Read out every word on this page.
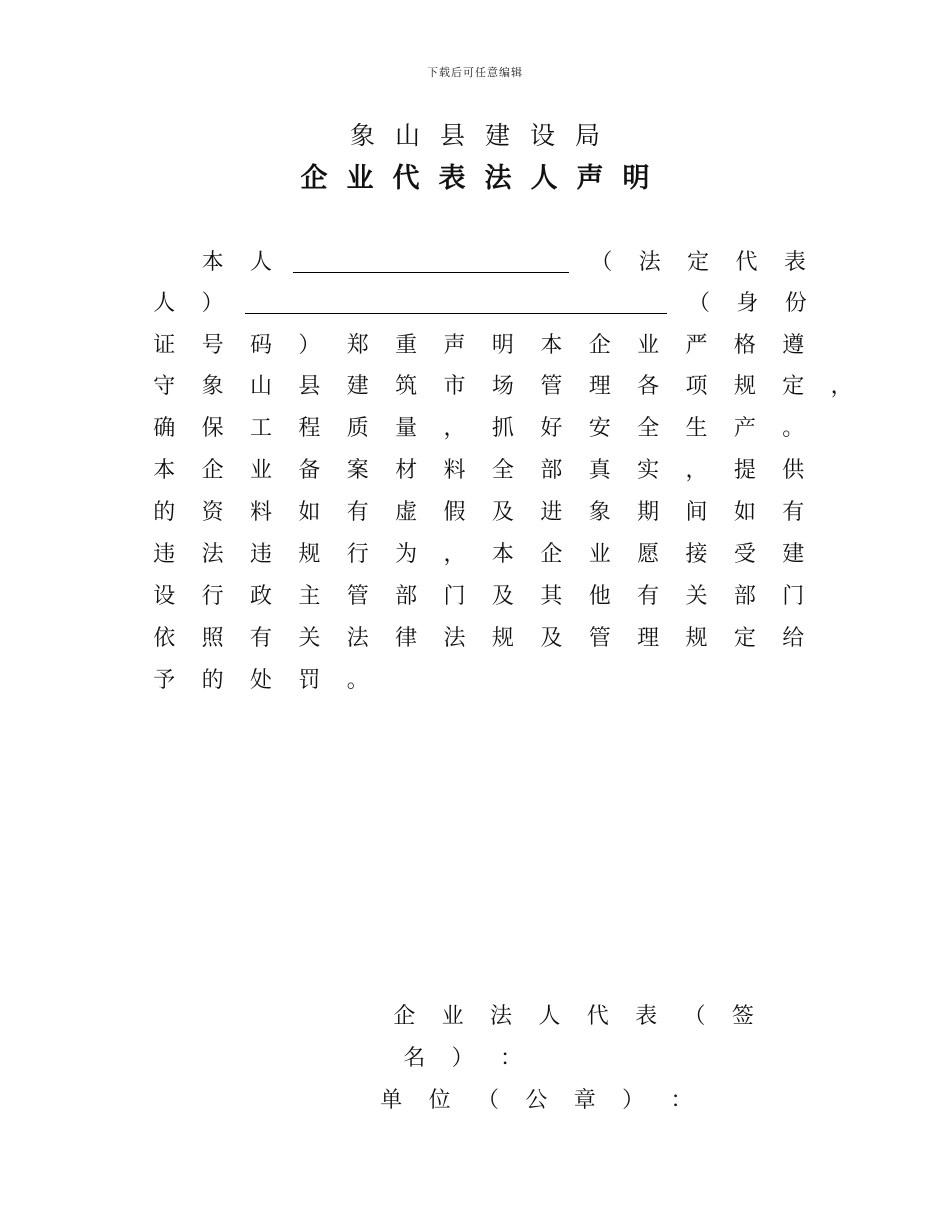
下载后可任意编辑
象山县建设局
企业代表法人声明
本 人	（ 法 定 代 表
人 ）	（ 身 份
证	号	码	）	郑	重	声	明	本	企	业	严	格	遵
守	象	山	县	建	筑	市	场	管	理	各	项	规	定	，
确	保	工	程	质	量	，	抓	好	安	全	生	产	。
本	企	业	备	案	材	料	全	部	真	实	，	提	供
的	资	料	如	有	虚	假	及	进	象	期	间	如	有
违	法	违	规	行	为	，	本	企	业	愿	接	受	建
设	行	政	主	管	部	门	及	其	他	有	关	部	门
依	照	有	关	法	律	法	规	及	管	理	规	定	给
予	的	处	罚	。
企 业 法 人 代 表 （ 签
名 ） ：
单 位 （ 公 章 ） ：
